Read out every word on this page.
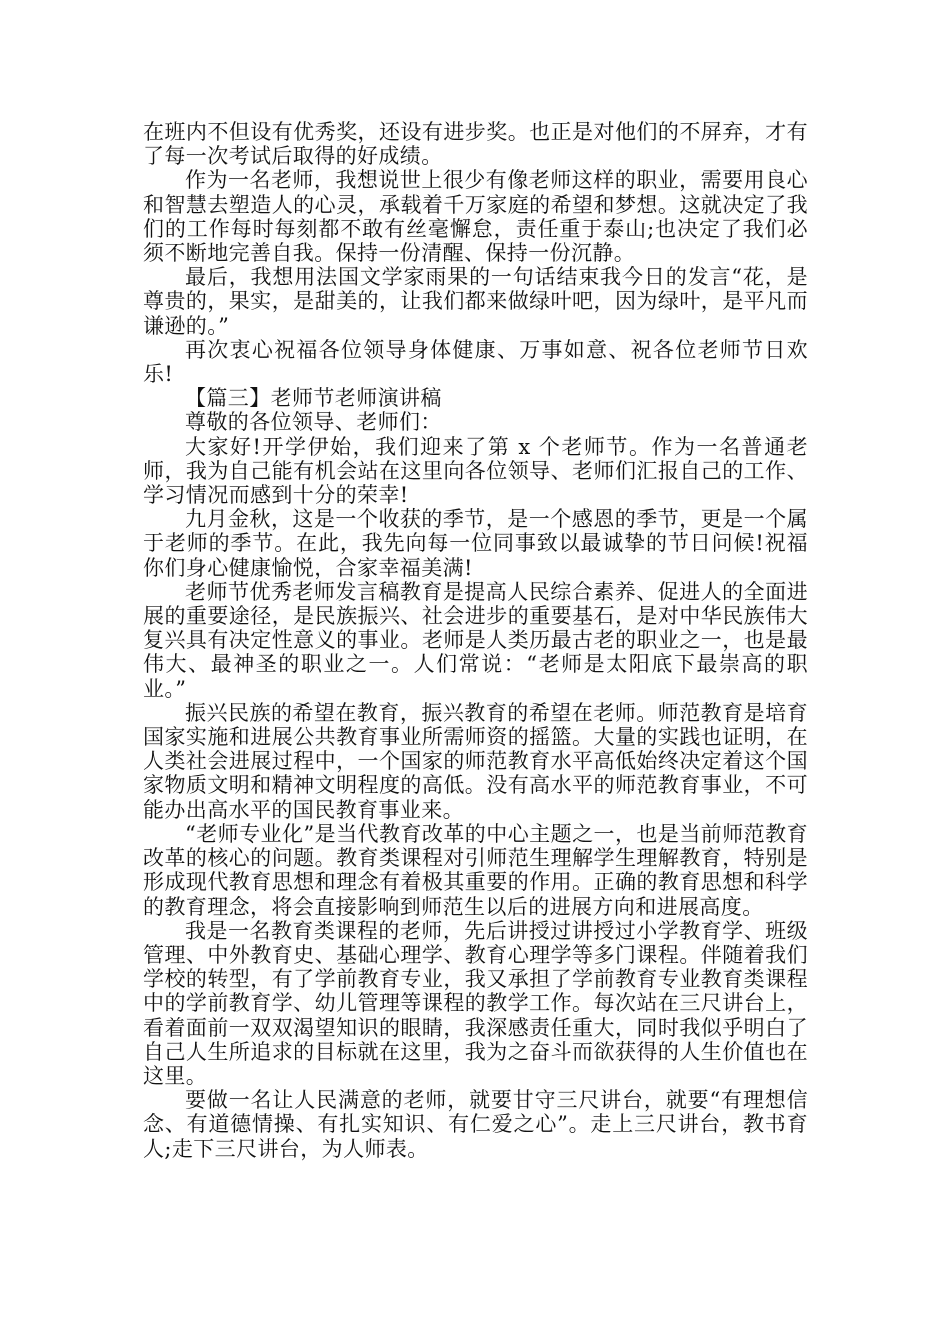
在班内不但设有优秀奖，还设有进步奖。也正是对他们的不屏弃，才有了每一次考试后取得的好成绩。

作为一名老师，我想说世上很少有像老师这样的职业，需要用良心和智慧去塑造人的心灵，承载着千万家庭的希望和梦想。这就决定了我们的工作每时每刻都不敢有丝毫懈怠，责任重于泰山;也决定了我们必须不断地完善自我。保持一份清醒、保持一份沉静。

最后，我想用法国文学家雨果的一句话结束我今日的发言“花，是尊贵的，果实，是甜美的，让我们都来做绿叶吧，因为绿叶，是平凡而谦逊的。”

再次衷心祝福各位领导身体健康、万事如意、祝各位老师节日欢乐!

【篇三】老师节老师演讲稿

尊敬的各位领导、老师们：

大家好!开学伊始，我们迎来了第 x 个老师节。作为一名普通老师，我为自己能有机会站在这里向各位领导、老师们汇报自己的工作、学习情况而感到十分的荣幸!

九月金秋，这是一个收获的季节，是一个感恩的季节，更是一个属于老师的季节。在此，我先向每一位同事致以最诚挚的节日问候!祝福你们身心健康愉悦，合家幸福美满!

老师节优秀老师发言稿教育是提高人民综合素养、促进人的全面进展的重要途径，是民族振兴、社会进步的重要基石，是对中华民族伟大复兴具有决定性意义的事业。老师是人类历最古老的职业之一，也是最伟大、最神圣的职业之一。人们常说：“老师是太阳底下最崇高的职业。”

振兴民族的希望在教育，振兴教育的希望在老师。师范教育是培育国家实施和进展公共教育事业所需师资的摇篮。大量的实践也证明，在人类社会进展过程中，一个国家的师范教育水平高低始终决定着这个国家物质文明和精神文明程度的高低。没有高水平的师范教育事业，不可能办出高水平的国民教育事业来。

“老师专业化”是当代教育改革的中心主题之一，也是当前师范教育改革的核心的问题。教育类课程对引师范生理解学生理解教育，特别是形成现代教育思想和理念有着极其重要的作用。正确的教育思想和科学的教育理念，将会直接影响到师范生以后的进展方向和进展高度。

我是一名教育类课程的老师，先后讲授过讲授过小学教育学、班级管理、中外教育史、基础心理学、教育心理学等多门课程。伴随着我们学校的转型，有了学前教育专业，我又承担了学前教育专业教育类课程中的学前教育学、幼儿管理等课程的教学工作。每次站在三尺讲台上，看着面前一双双渴望知识的眼睛，我深感责任重大，同时我似乎明白了自己人生所追求的目标就在这里，我为之奋斗而欲获得的人生价值也在这里。

要做一名让人民满意的老师，就要甘守三尺讲台，就要“有理想信念、有道德情操、有扎实知识、有仁爱之心”。走上三尺讲台，教书育人;走下三尺讲台，为人师表。
